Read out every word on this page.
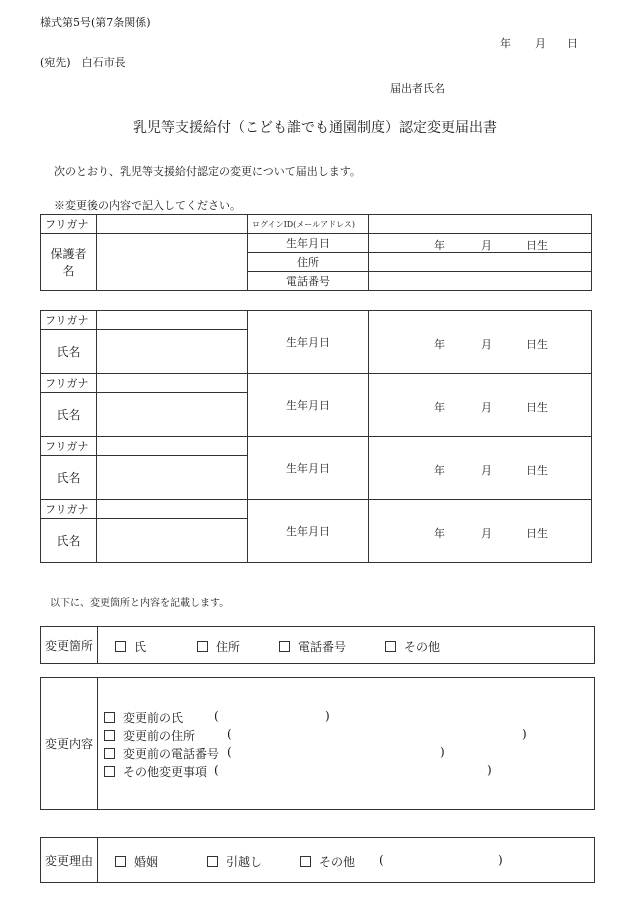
様式第5号(第7条関係)
年 月 日
(宛先)　白石市長
届出者氏名
乳児等支援給付（こども誰でも通園制度）認定変更届出書
次のとおり、乳児等支援給付認定の変更について届出します。
※変更後の内容で記入してください。
フリガナ		ログインID(メールアドレス)	
保護者名		生年月日	年 月 日生

		住所	
		電話番号	
フリガナ		生年月日	年 月 日生

氏名			
フリガナ		生年月日	年 月 日生

氏名			
フリガナ		生年月日	年 月 日生

氏名			
フリガナ		生年月日	年 月 日生

氏名			
以下に、変更箇所と内容を記載します。
変更箇所	氏	住所	電話番号	その他
変更内容
変更前の氏	(	)
変更前の住所	(	)
変更前の電話番号 (	)
その他変更事項 (	)
変更理由	婚姻	引越し	その他 (	)
